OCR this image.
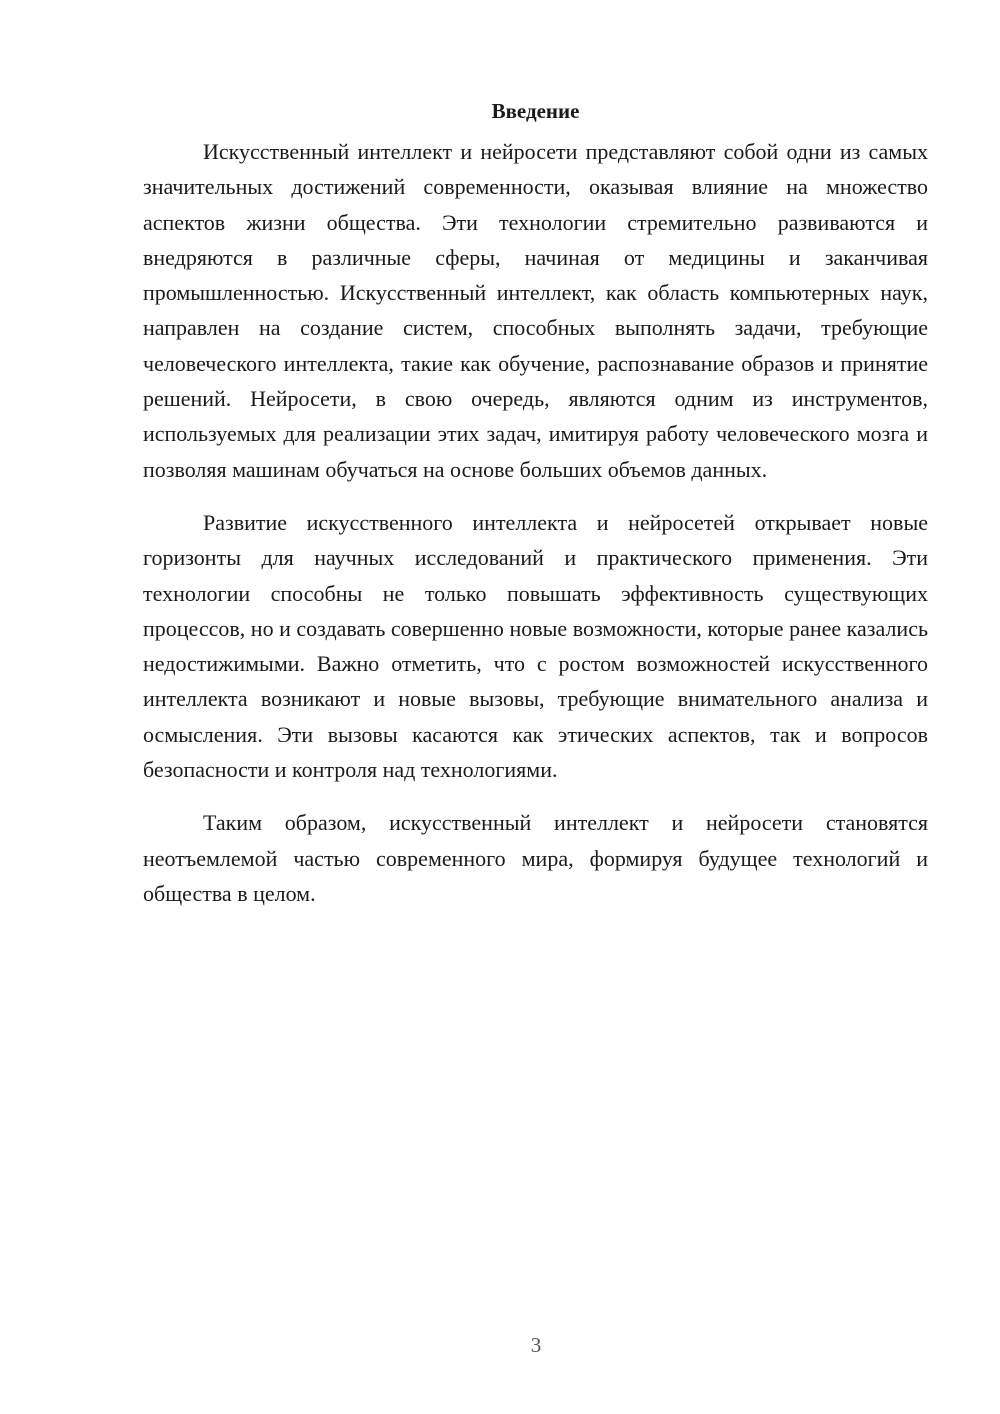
Введение

Искусственный интеллект и нейросети представляют собой одни из самых значительных достижений современности, оказывая влияние на множество аспектов жизни общества. Эти технологии стремительно развиваются и внедряются в различные сферы, начиная от медицины и заканчивая промышленностью. Искусственный интеллект, как область компьютерных наук, направлен на создание систем, способных выполнять задачи, требующие человеческого интеллекта, такие как обучение, распознавание образов и принятие решений. Нейросети, в свою очередь, являются одним из инструментов, используемых для реализации этих задач, имитируя работу человеческого мозга и позволяя машинам обучаться на основе больших объемов данных.

Развитие искусственного интеллекта и нейросетей открывает новые горизонты для научных исследований и практического применения. Эти технологии способны не только повышать эффективность существующих процессов, но и создавать совершенно новые возможности, которые ранее казались недостижимыми. Важно отметить, что с ростом возможностей искусственного интеллекта возникают и новые вызовы, требующие внимательного анализа и осмысления. Эти вызовы касаются как этических аспектов, так и вопросов безопасности и контроля над технологиями.

Таким образом, искусственный интеллект и нейросети становятся неотъемлемой частью современного мира, формируя будущее технологий и общества в целом.

3
